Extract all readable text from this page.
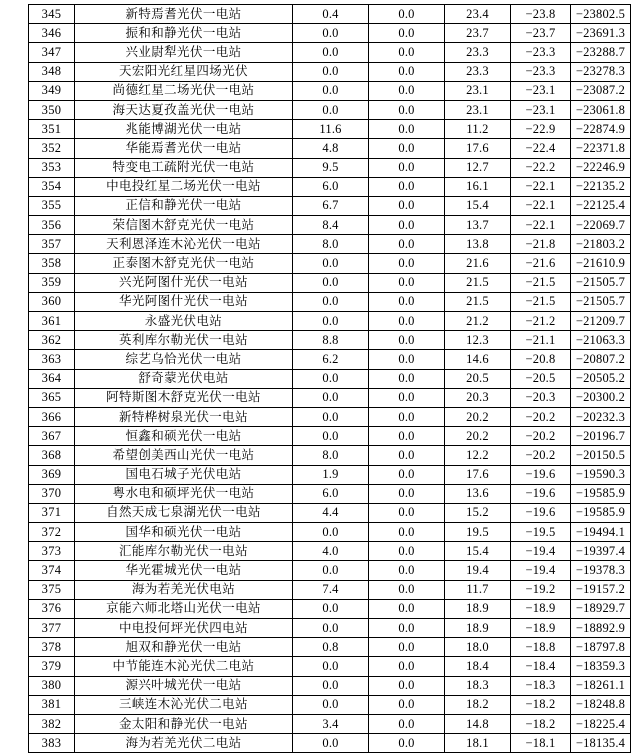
345	新特焉耆光伏一电站	0.4	0.0	23.4	−23.8	−23802.5
346	振和和静光伏一电站	0.0	0.0	23.7	−23.7	−23691.3
347	兴业尉犁光伏一电站	0.0	0.0	23.3	−23.3	−23288.7
348	天宏阳光红星四场光伏	0.0	0.0	23.3	−23.3	−23278.3
349	尚德红星二场光伏一电站	0.0	0.0	23.1	−23.1	−23087.2
350	海天达夏孜盖光伏一电站	0.0	0.0	23.1	−23.1	−23061.8
351	兆能博湖光伏一电站	11.6	0.0	11.2	−22.9	−22874.9
352	华能焉耆光伏一电站	4.8	0.0	17.6	−22.4	−22371.8
353	特变电工疏附光伏一电站	9.5	0.0	12.7	−22.2	−22246.9
354	中电投红星二场光伏一电站	6.0	0.0	16.1	−22.1	−22135.2
355	正信和静光伏一电站	6.7	0.0	15.4	−22.1	−22125.4
356	荣信图木舒克光伏一电站	8.4	0.0	13.7	−22.1	−22069.7
357	天利恩泽连木沁光伏一电站	8.0	0.0	13.8	−21.8	−21803.2
358	正泰图木舒克光伏一电站	0.0	0.0	21.6	−21.6	−21610.9
359	兴光阿图什光伏一电站	0.0	0.0	21.5	−21.5	−21505.7
360	华光阿图什光伏一电站	0.0	0.0	21.5	−21.5	−21505.7
361	永盛光伏电站	0.0	0.0	21.2	−21.2	−21209.7
362	英利库尔勒光伏一电站	8.8	0.0	12.3	−21.1	−21063.3
363	综艺乌恰光伏一电站	6.2	0.0	14.6	−20.8	−20807.2
364	舒奇蒙光伏电站	0.0	0.0	20.5	−20.5	−20505.2
365	阿特斯图木舒克光伏一电站	0.0	0.0	20.3	−20.3	−20300.2
366	新特桦树泉光伏一电站	0.0	0.0	20.2	−20.2	−20232.3
367	恒鑫和硕光伏一电站	0.0	0.0	20.2	−20.2	−20196.7
368	希望创美西山光伏一电站	8.0	0.0	12.2	−20.2	−20150.5
369	国电石城子光伏电站	1.9	0.0	17.6	−19.6	−19590.3
370	粤水电和硕坪光伏一电站	6.0	0.0	13.6	−19.6	−19585.9
371	自然天成七泉湖光伏一电站	4.4	0.0	15.2	−19.6	−19585.9
372	国华和硕光伏一电站	0.0	0.0	19.5	−19.5	−19494.1
373	汇能库尔勒光伏一电站	4.0	0.0	15.4	−19.4	−19397.4
374	华光霍城光伏一电站	0.0	0.0	19.4	−19.4	−19378.3
375	海为若羌光伏电站	7.4	0.0	11.7	−19.2	−19157.2
376	京能六师北塔山光伏一电站	0.0	0.0	18.9	−18.9	−18929.7
377	中电投何坪光伏四电站	0.0	0.0	18.9	−18.9	−18892.9
378	旭双和静光伏一电站	0.8	0.0	18.0	−18.8	−18797.8
379	中节能连木沁光伏二电站	0.0	0.0	18.4	−18.4	−18359.3
380	源兴叶城光伏一电站	0.0	0.0	18.3	−18.3	−18261.1
381	三峡连木沁光伏二电站	0.0	0.0	18.2	−18.2	−18248.8
382	金太阳和静光伏一电站	3.4	0.0	14.8	−18.2	−18225.4
383	海为若羌光伏二电站	0.0	0.0	18.1	−18.1	−18135.4
